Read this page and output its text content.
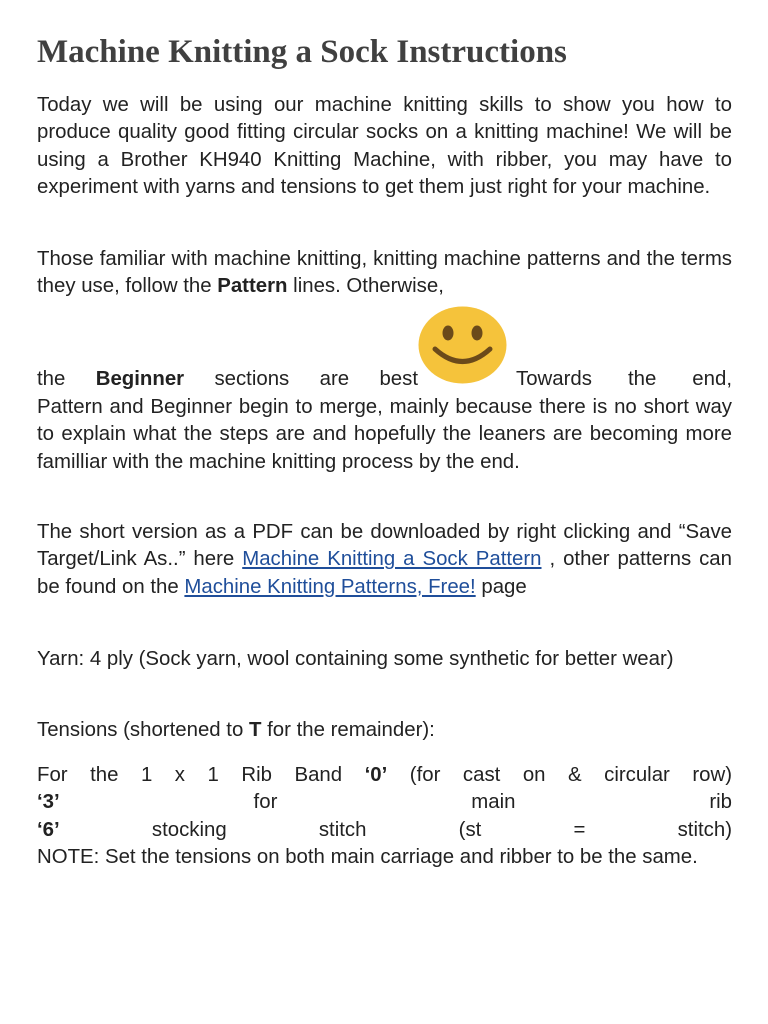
Machine Knitting a Sock Instructions

Today we will be using our machine knitting skills to show you how to produce quality good fitting circular socks on a knitting machine! We will be using a Brother KH940 Knitting Machine, with ribber, you may have to experiment with yarns and tensions to get them just right for your machine.

Those familiar with machine knitting, knitting machine patterns and the terms they use, follow the Pattern lines. Otherwise,

the Beginner sections are best	Towards the end,

Pattern and Beginner begin to merge, mainly because there is no short way to explain what the steps are and hopefully the leaners are becoming more familliar with the machine knitting process by the end.

The short version as a PDF can be downloaded by right clicking and “Save Target/Link As..” here Machine Knitting a Sock Pattern , other patterns can be found on the Machine Knitting Patterns, Free! page

Yarn: 4 ply (Sock yarn, wool containing some synthetic for better wear)

Tensions (shortened to T for the remainder):

For the 1 x 1 Rib Band ‘0’ (for cast on & circular row)
‘3’ for main rib
‘6’ stocking stitch (st = stitch)
NOTE: Set the tensions on both main carriage and ribber to be the same.
